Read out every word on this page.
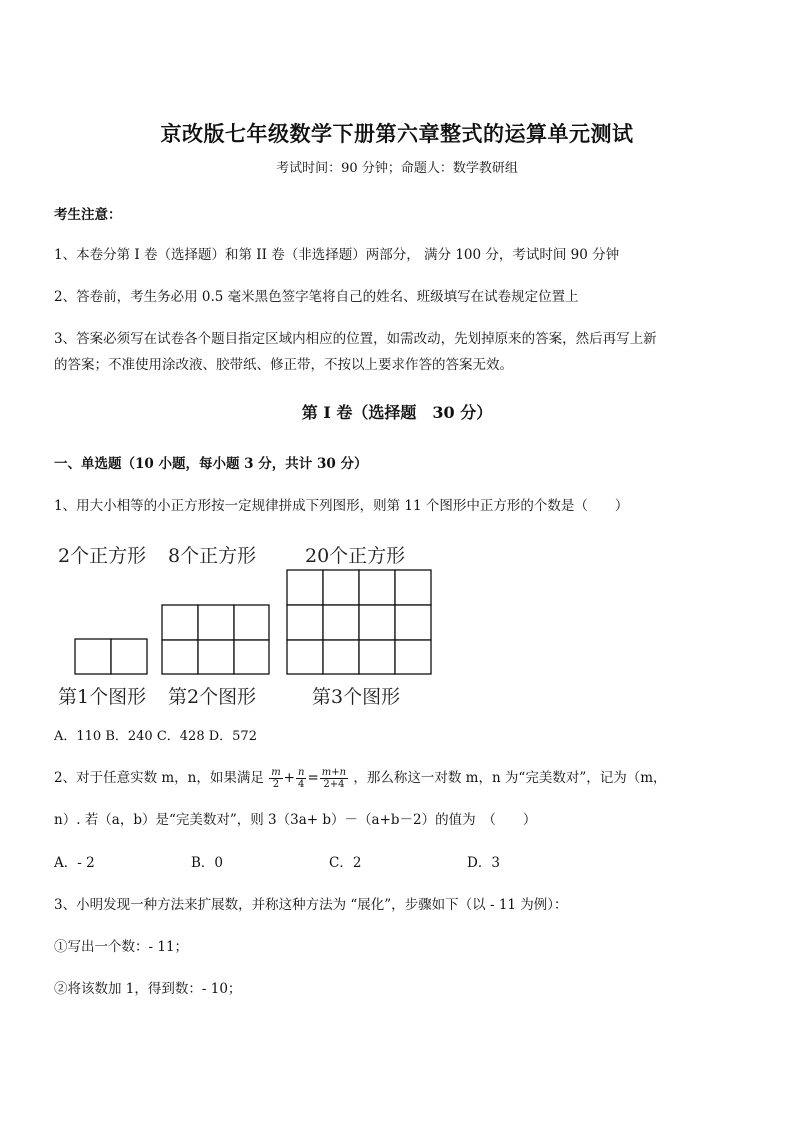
京改版七年级数学下册第六章整式的运算单元测试
考试时间：90 分钟；命题人：数学教研组
考生注意：
1、本卷分第 I 卷（选择题）和第 II 卷（非选择题）两部分， 满分 100 分，考试时间 90 分钟
2、答卷前，考生务必用 0.5 毫米黑色签字笔将自己的姓名、班级填写在试卷规定位置上
3、答案必须写在试卷各个题目指定区域内相应的位置，如需改动，先划掉原来的答案，然后再写上新
的答案；不准使用涂改液、胶带纸、修正带，不按以上要求作答的答案无效。
第 I 卷（选择题　30 分）
一、单选题（10 小题，每小题 3 分，共计 30 分）
1、用大小相等的小正方形按一定规律拼成下列图形，则第 11 个图形中正方形的个数是（　　）
2个正方形 8个正方形	20个正方形
第1个图形 第2个图形	第3个图形
A．110 B．240 C．428 D．572
2、对于任意实数 m，n，如果满足 $\frac{m}{2} + \frac{n}{4} = \frac{m+n}{2+4}$ ，那么称这一对数 m，n 为“完美数对”，记为（m，
n）. 若（a，b）是“完美数对”，则 3（3a+ b）－（a+b－2）的值为　（　　）
A．- 2	B．0	C．2	D．3
3、小明发现一种方法来扩展数，并称这种方法为 “展化”，步骤如下（以 - 11 为例）：
①写出一个数：- 11；
②将该数加 1，得到数：- 10；
